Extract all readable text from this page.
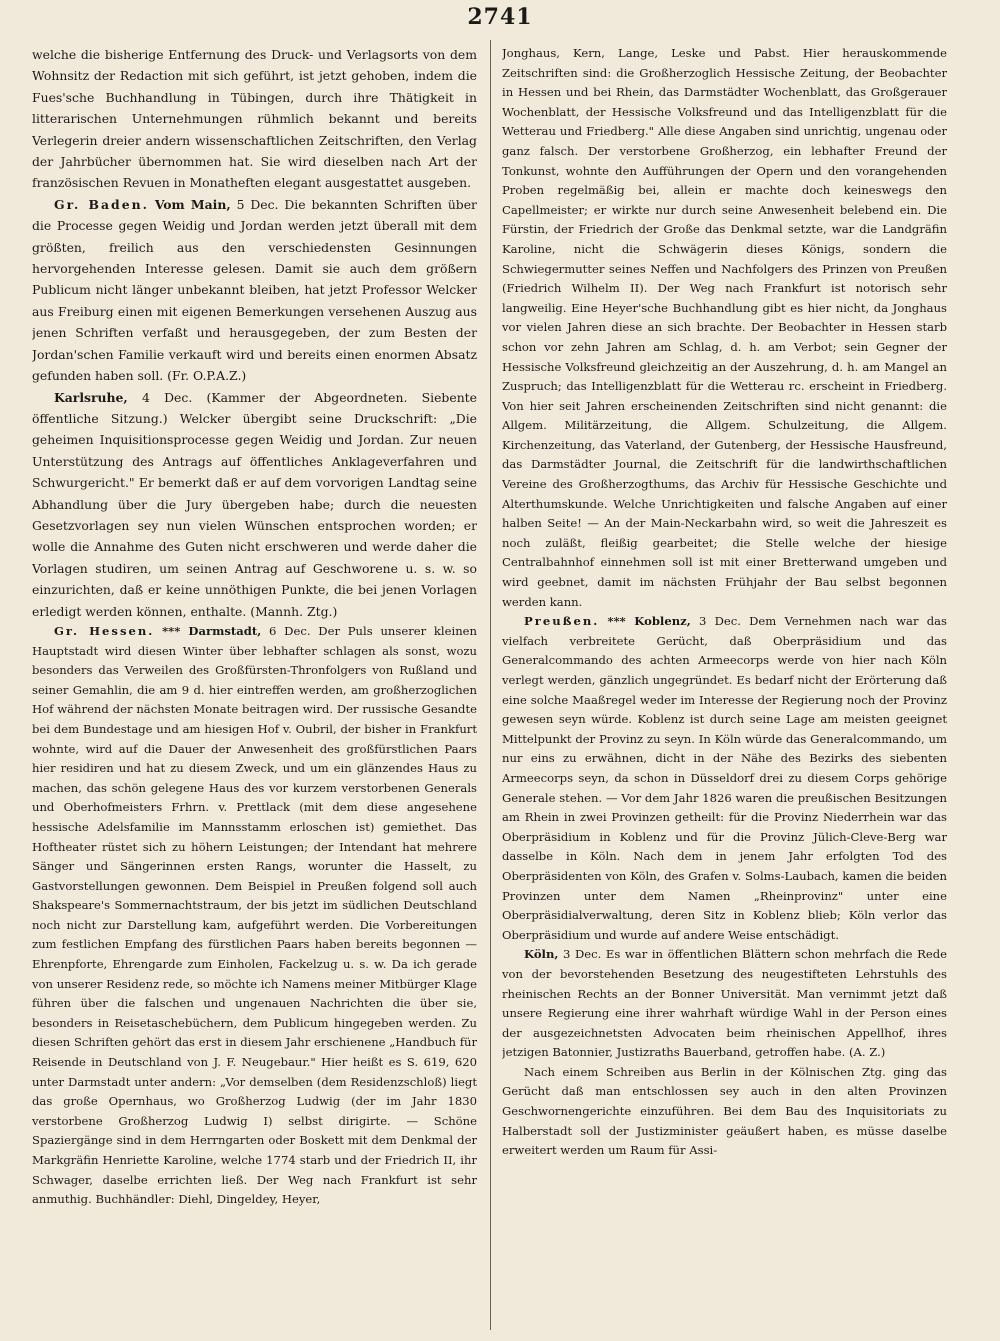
2741

welche die bisherige Entfernung des Druck- und Verlagsorts von dem Wohnsitz der Redaction mit sich geführt, ist jetzt gehoben, indem die Fues'sche Buchhandlung in Tübingen, durch ihre Thätigkeit in litterarischen Unternehmungen rühmlich bekannt und bereits Verlegerin dreier andern wissenschaftlichen Zeitschriften, den Verlag der Jahrbücher übernommen hat. Sie wird dieselben nach Art der französischen Revuen in Monatheften elegant ausgestattet ausgeben.

Gr. Baden. Vom Main, 5 Dec. Die bekannten Schriften über die Processe gegen Weidig und Jordan werden jetzt überall mit dem größten, freilich aus den verschiedensten Gesinnungen hervorgehenden Interesse gelesen. Damit sie auch dem größern Publicum nicht länger unbekannt bleiben, hat jetzt Professor Welcker aus Freiburg einen mit eigenen Bemerkungen versehenen Auszug aus jenen Schriften verfaßt und herausgegeben, der zum Besten der Jordan'schen Familie verkauft wird und bereits einen enormen Absatz gefunden haben soll. (Fr. O.P.A.Z.)

Karlsruhe, 4 Dec. (Kammer der Abgeordneten. Siebente öffentliche Sitzung.) Welcker übergibt seine Druckschrift: „Die geheimen Inquisitionsprocesse gegen Weidig und Jordan. Zur neuen Unterstützung des Antrags auf öffentliches Anklageverfahren und Schwurgericht." Er bemerkt daß er auf dem vorvorigen Landtag seine Abhandlung über die Jury übergeben habe; durch die neuesten Gesetzvorlagen sey nun vielen Wünschen entsprochen worden; er wolle die Annahme des Guten nicht erschweren und werde daher die Vorlagen studiren, um seinen Antrag auf Geschworene u. s. w. so einzurichten, daß er keine unnöthigen Punkte, die bei jenen Vorlagen erledigt werden können, enthalte. (Mannh. Ztg.)

Gr. Hessen. *** Darmstadt, 6 Dec. Der Puls unserer kleinen Hauptstadt wird diesen Winter über lebhafter schlagen als sonst, wozu besonders das Verweilen des Großfürsten-Thronfolgers von Rußland und seiner Gemahlin, die am 9 d. hier eintreffen werden, am großherzoglichen Hof während der nächsten Monate beitragen wird. Der russische Gesandte bei dem Bundestage und am hiesigen Hof v. Oubril, der bisher in Frankfurt wohnte, wird auf die Dauer der Anwesenheit des großfürstlichen Paars hier residiren und hat zu diesem Zweck, und um ein glänzendes Haus zu machen, das schön gelegene Haus des vor kurzem verstorbenen Generals und Oberhofmeisters Frhrn. v. Prettlack (mit dem diese angesehene hessische Adelsfamilie im Mannsstamm erloschen ist) gemiethet. Das Hoftheater rüstet sich zu höhern Leistungen; der Intendant hat mehrere Sänger und Sängerinnen ersten Rangs, worunter die Hasselt, zu Gastvorstellungen gewonnen. Dem Beispiel in Preußen folgend soll auch Shakspeare's Sommernachtstraum, der bis jetzt im südlichen Deutschland noch nicht zur Darstellung kam, aufgeführt werden. Die Vorbereitungen zum festlichen Empfang des fürstlichen Paars haben bereits begonnen — Ehrenpforte, Ehrengarde zum Einholen, Fackelzug u. s. w. Da ich gerade von unserer Residenz rede, so möchte ich Namens meiner Mitbürger Klage führen über die falschen und ungenauen Nachrichten die über sie, besonders in Reisetaschebüchern, dem Publicum hingegeben werden. Zu diesen Schriften gehört das erst in diesem Jahr erschienene „Handbuch für Reisende in Deutschland von J. F. Neugebaur." Hier heißt es S. 619, 620 unter Darmstadt unter andern: „Vor demselben (dem Residenzschloß) liegt das große Opernhaus, wo Großherzog Ludwig (der im Jahr 1830 verstorbene Großherzog Ludwig I) selbst dirigirte. — Schöne Spaziergänge sind in dem Herrngarten oder Boskett mit dem Denkmal der Markgräfin Henriette Karoline, welche 1774 starb und der Friedrich II, ihr Schwager, daselbe errichten ließ. Der Weg nach Frankfurt ist sehr anmuthig. Buchhändler: Diehl, Dingeldey, Heyer,

Jonghaus, Kern, Lange, Leske und Pabst. Hier herauskommende Zeitschriften sind: die Großherzoglich Hessische Zeitung, der Beobachter in Hessen und bei Rhein, das Darmstädter Wochenblatt, das Großgerauer Wochenblatt, der Hessische Volksfreund und das Intelligenzblatt für die Wetterau und Friedberg." Alle diese Angaben sind unrichtig, ungenau oder ganz falsch. Der verstorbene Großherzog, ein lebhafter Freund der Tonkunst, wohnte den Aufführungen der Opern und den vorangehenden Proben regelmäßig bei, allein er machte doch keineswegs den Capellmeister; er wirkte nur durch seine Anwesenheit belebend ein. Die Fürstin, der Friedrich der Große das Denkmal setzte, war die Landgräfin Karoline, nicht die Schwägerin dieses Königs, sondern die Schwiegermutter seines Neffen und Nachfolgers des Prinzen von Preußen (Friedrich Wilhelm II). Der Weg nach Frankfurt ist notorisch sehr langweilig. Eine Heyer'sche Buchhandlung gibt es hier nicht, da Jonghaus vor vielen Jahren diese an sich brachte. Der Beobachter in Hessen starb schon vor zehn Jahren am Schlag, d. h. am Verbot; sein Gegner der Hessische Volksfreund gleichzeitig an der Auszehrung, d. h. am Mangel an Zuspruch; das Intelligenzblatt für die Wetterau rc. erscheint in Friedberg. Von hier seit Jahren erscheinenden Zeitschriften sind nicht genannt: die Allgem. Militärzeitung, die Allgem. Schulzeitung, die Allgem. Kirchenzeitung, das Vaterland, der Gutenberg, der Hessische Hausfreund, das Darmstädter Journal, die Zeitschrift für die landwirthschaftlichen Vereine des Großherzogthums, das Archiv für Hessische Geschichte und Alterthumskunde. Welche Unrichtigkeiten und falsche Angaben auf einer halben Seite! — An der Main-Neckarbahn wird, so weit die Jahreszeit es noch zuläßt, fleißig gearbeitet; die Stelle welche der hiesige Centralbahnhof einnehmen soll ist mit einer Bretterwand umgeben und wird geebnet, damit im nächsten Frühjahr der Bau selbst begonnen werden kann.

Preußen. *** Koblenz, 3 Dec. Dem Vernehmen nach war das vielfach verbreitete Gerücht, daß Oberpräsidium und das Generalcommando des achten Armeecorps werde von hier nach Köln verlegt werden, gänzlich ungegründet. Es bedarf nicht der Erörterung daß eine solche Maaßregel weder im Interesse der Regierung noch der Provinz gewesen seyn würde. Koblenz ist durch seine Lage am meisten geeignet Mittelpunkt der Provinz zu seyn. In Köln würde das Generalcommando, um nur eins zu erwähnen, dicht in der Nähe des Bezirks des siebenten Armeecorps seyn, da schon in Düsseldorf drei zu diesem Corps gehörige Generale stehen. — Vor dem Jahr 1826 waren die preußischen Besitzungen am Rhein in zwei Provinzen getheilt: für die Provinz Niederrhein war das Oberpräsidium in Koblenz und für die Provinz Jülich-Cleve-Berg war dasselbe in Köln. Nach dem in jenem Jahr erfolgten Tod des Oberpräsidenten von Köln, des Grafen v. Solms-Laubach, kamen die beiden Provinzen unter dem Namen „Rheinprovinz" unter eine Oberpräsidialverwaltung, deren Sitz in Koblenz blieb; Köln verlor das Oberpräsidium und wurde auf andere Weise entschädigt.

Köln, 3 Dec. Es war in öffentlichen Blättern schon mehrfach die Rede von der bevorstehenden Besetzung des neugestifteten Lehrstuhls des rheinischen Rechts an der Bonner Universität. Man vernimmt jetzt daß unsere Regierung eine ihrer wahrhaft würdige Wahl in der Person eines der ausgezeichnetsten Advocaten beim rheinischen Appellhof, ihres jetzigen Batonnier, Justizraths Bauerband, getroffen habe. (A. Z.)

Nach einem Schreiben aus Berlin in der Kölnischen Ztg. ging das Gerücht daß man entschlossen sey auch in den alten Provinzen Geschwornengerichte einzuführen. Bei dem Bau des Inquisitoriats zu Halberstadt soll der Justizminister geäußert haben, es müsse daselbe erweitert werden um Raum für Assi-
